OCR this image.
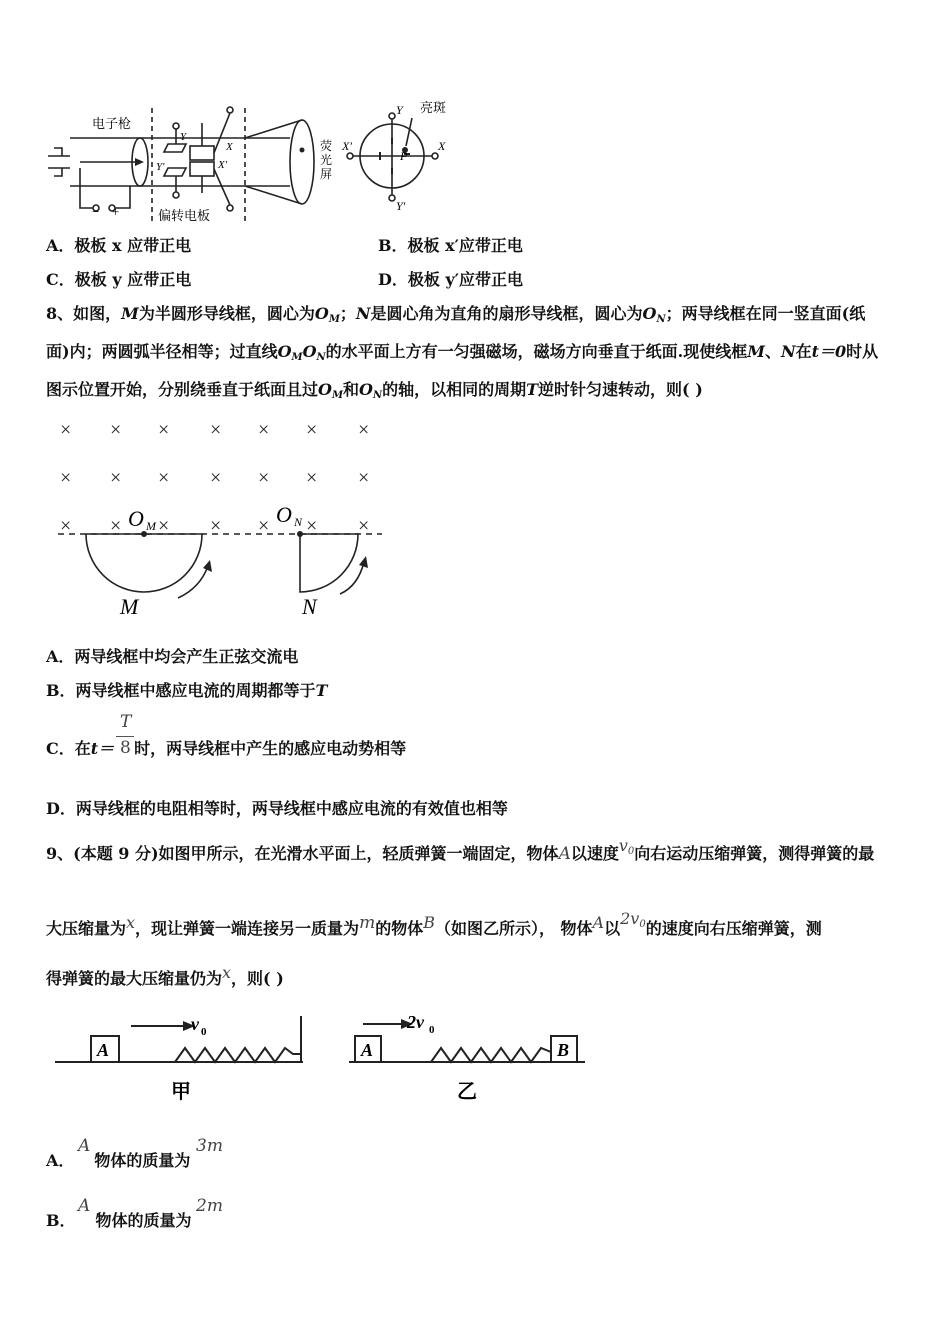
电子枪
偏转电板
荧
光
屏
亮斑
Y
Y′
X′	X
P
Y
Y′
X
X′
− +
A．极板 x 应带正电	B．极板 x′应带正电
C．极板 y 应带正电	D．极板 y′应带正电
8、如图，M为半圆形导线框，圆心为$O_M$；N是圆心角为直角的扇形导线框，圆心为$O_N$；两导线框在同一竖直面(纸
面)内；两圆弧半径相等；过直线$O_MO_N$的水平面上方有一匀强磁场，磁场方向垂直于纸面.现使线框M、N在t＝0时从
图示位置开始，分别绕垂直于纸面且过$O_M$和$O_N$的轴，以相同的周期T逆时针匀速转动，则( )
× × × × × × ×
× × × × × × ×
× × × × × × ×
O M	O N
M	N
A．两导线框中均会产生正弦交流电
B．两导线框中感应电流的周期都等于T
C．在t＝ 时，两导线框中产生的感应电动势相等
T
8
D．两导线框的电阻相等时，两导线框中感应电流的有效值也相等
9、(本题 9 分)如图甲所示，在光滑水平面上，轻质弹簧一端固定，物体A以速度$v^0$向右运动压缩弹簧，测得弹簧的最
大压缩量为x，现让弹簧一端连接另一质量为m的物体B（如图乙所示）， 物体A以$2v^0$的速度向右压缩弹簧，测
得弹簧的最大压缩量仍为x，则( )
A	A	B
v 0	2v 0
甲	乙
A． 物体的质量为
A	3m
B． 物体的质量为
A	2m
